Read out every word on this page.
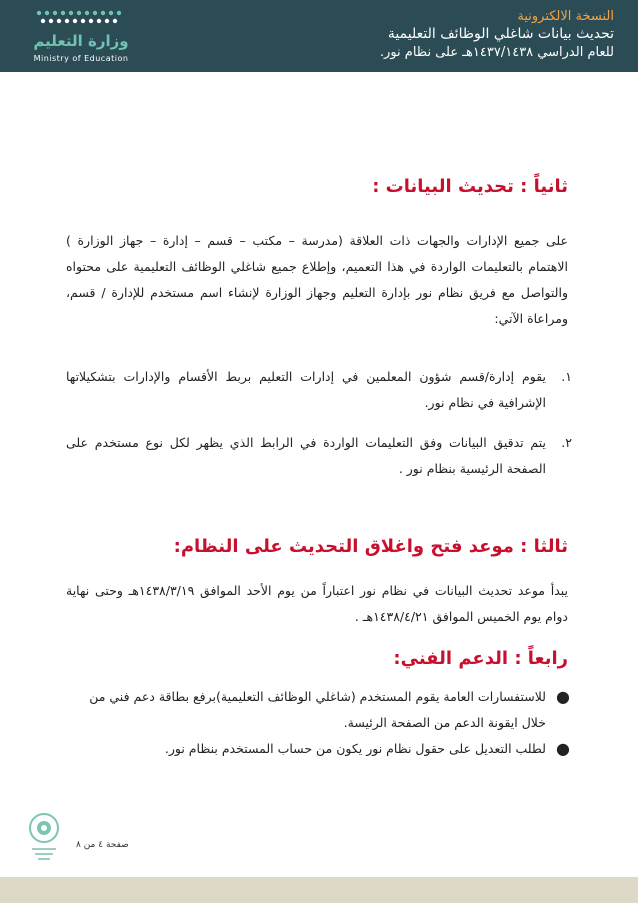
وزارة التعليم
Ministry of Education
النسخة الالكترونية
تحديث بيانات شاغلي الوظائف التعليمية
للعام الدراسي ١٤٣٧/١٤٣٨هـ على نظام نور.
ثانياً : تحديث البيانات :
على جميع الإدارات والجهات ذات العلاقة (مدرسة – مكتب – قسم – إدارة – جهاز الوزارة ) الاهتمام بالتعليمات الواردة في هذا التعميم، وإطلاع جميع شاغلي الوظائف التعليمية على محتواه والتواصل مع فريق نظام نور بإدارة التعليم وجهاز الوزارة لإنشاء اسم مستخدم للإدارة / قسم، ومراعاة الآتي:
١.
يقوم إدارة/قسم شؤون المعلمين في إدارات التعليم بربط الأقسام والإدارات بتشكيلاتها الإشرافية في نظام نور.
٢.
يتم تدقيق البيانات وفق التعليمات الواردة في الرابط الذي يظهر لكل نوع مستخدم على الصفحة الرئيسية بنظام نور .
ثالثا : موعد فتح واغلاق التحديث على النظام:
يبدأ موعد تحديث البيانات في نظام نور اعتباراً من يوم الأحد الموافق ١٤٣٨/٣/١٩هـ وحتى نهاية دوام يوم الخميس الموافق ١٤٣٨/٤/٢١هـ .
رابعاً : الدعم الفني:
●
للاستفسارات العامة يقوم المستخدم (شاغلي الوظائف التعليمية)برفع بطاقة دعم فني من خلال ايقونة الدعم من الصفحة الرئيسة.
●
لطلب التعديل على حقول نظام نور يكون من حساب المستخدم بنظام نور.
صفحة ٤ من ٨
